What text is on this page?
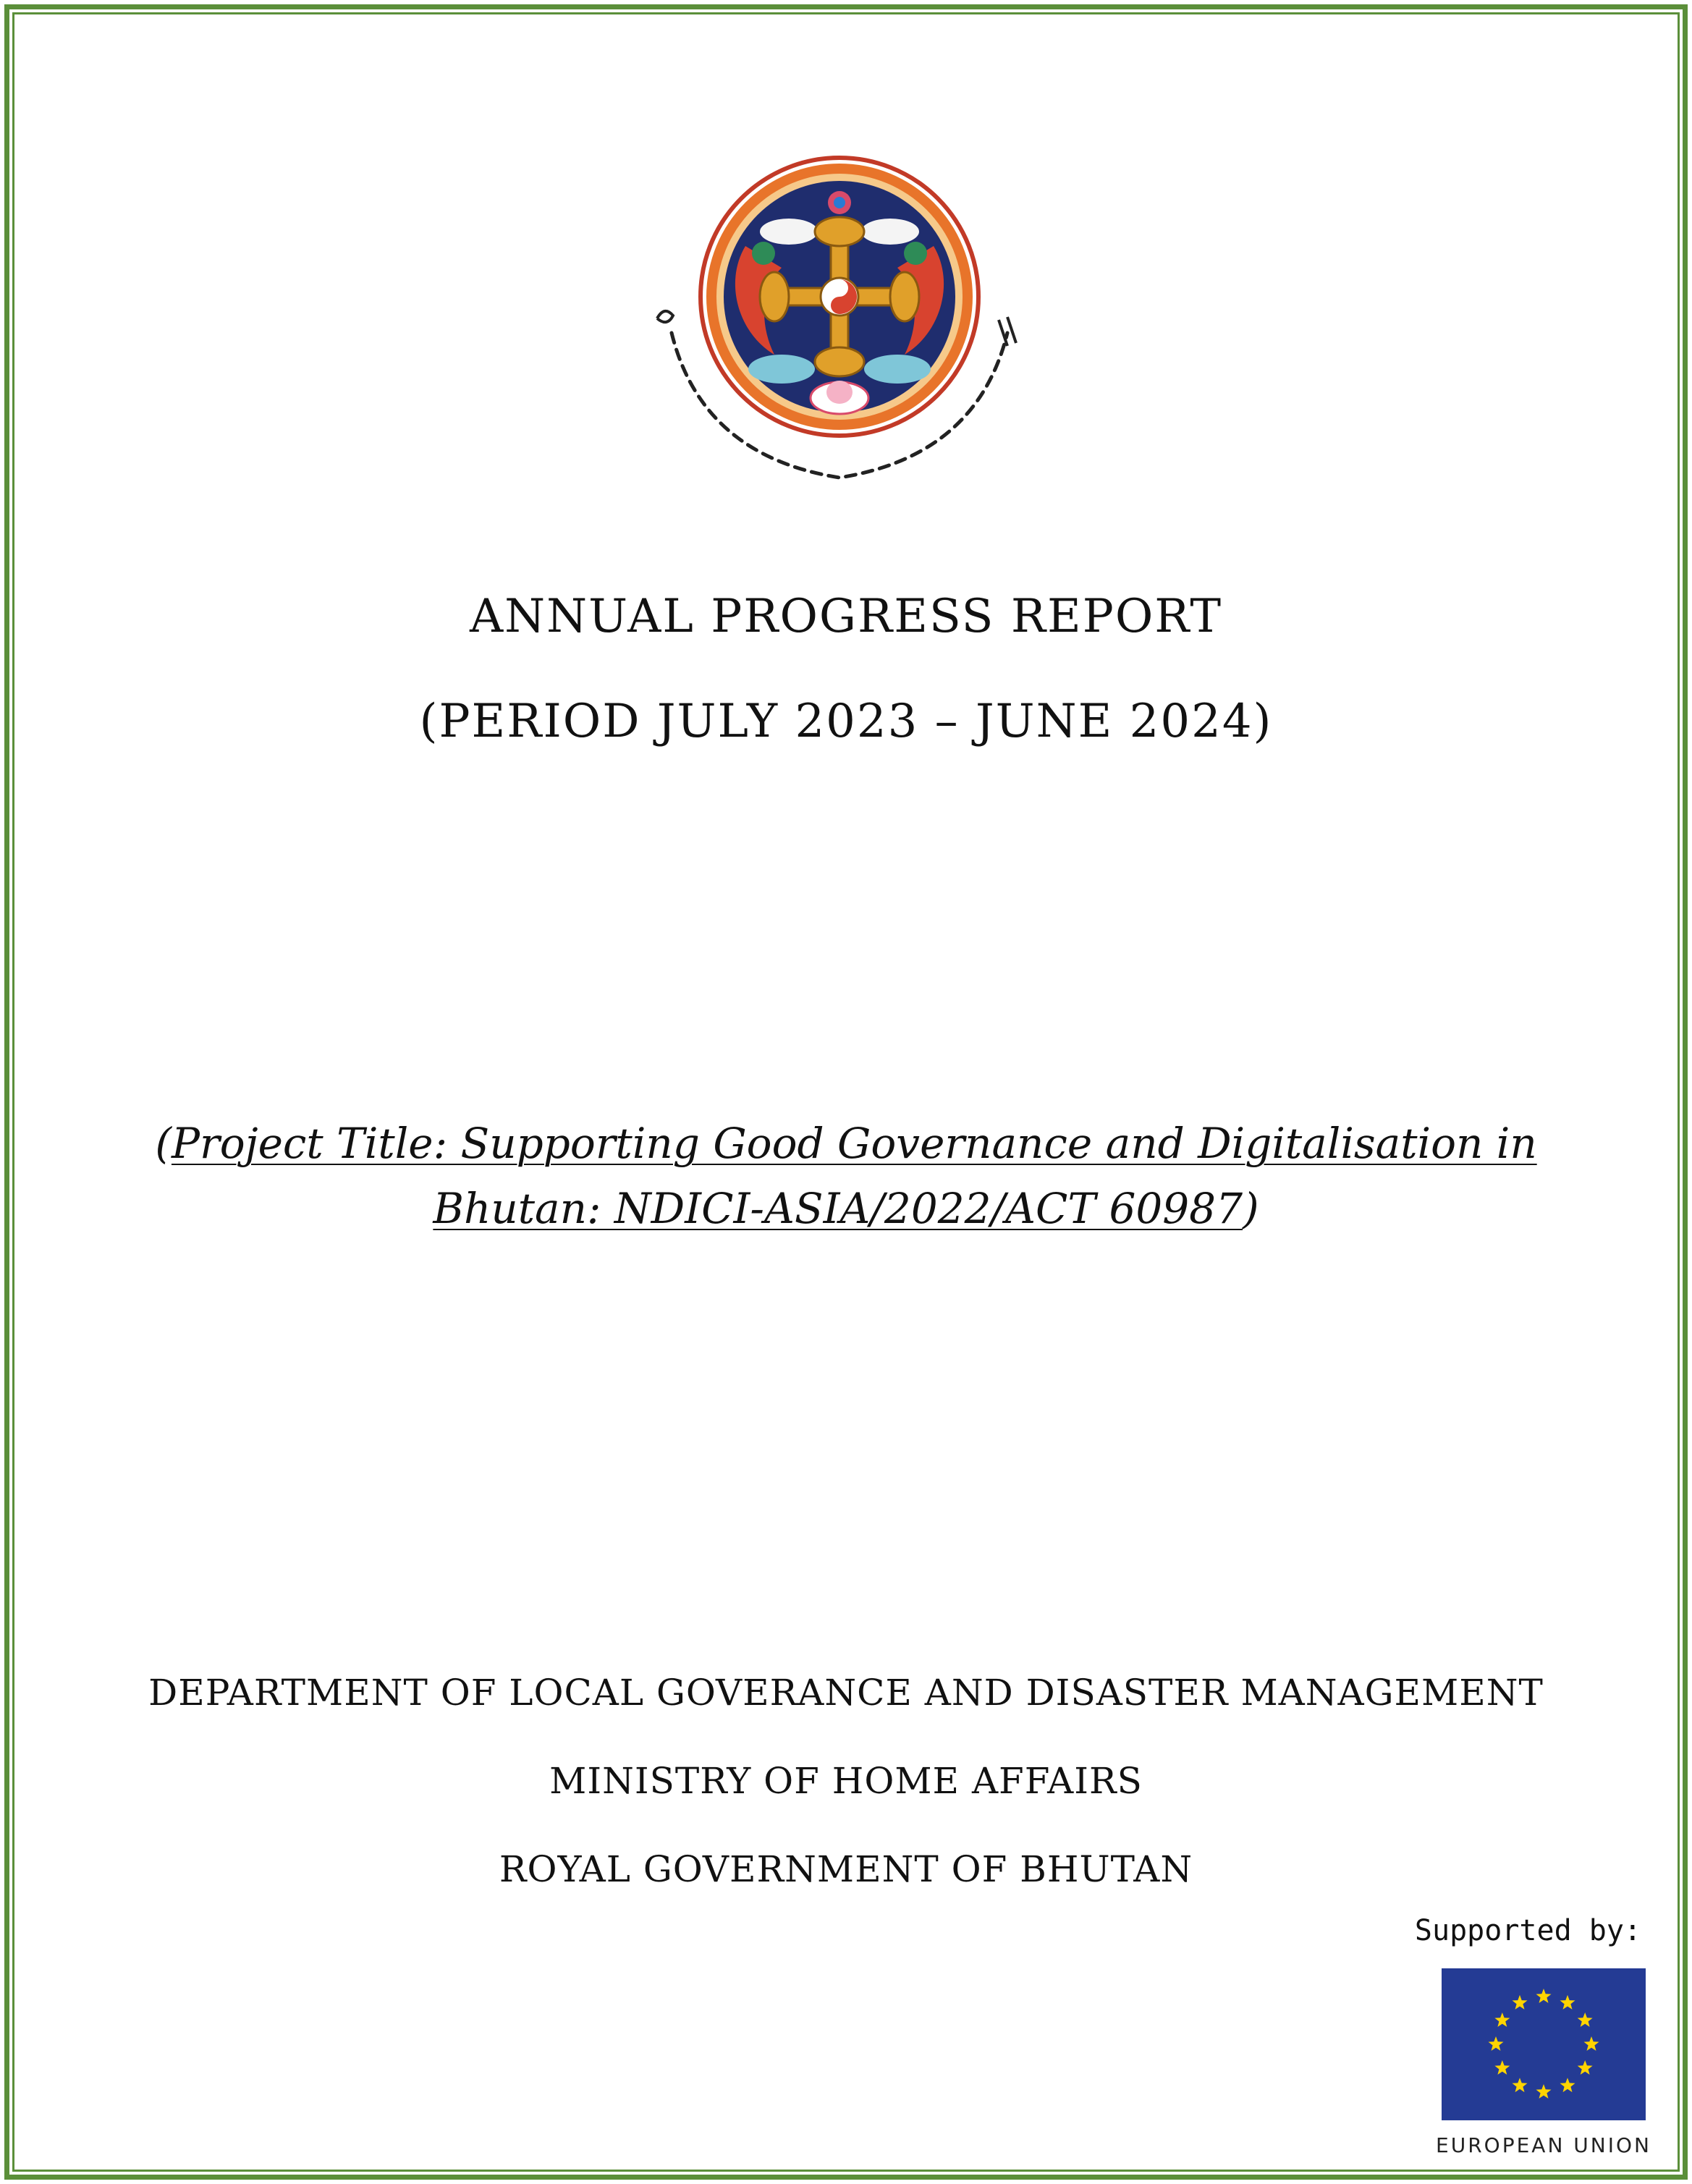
ANNUAL PROGRESS REPORT
(PERIOD JULY 2023 – JUNE 2024)
(Project Title: Supporting Good Governance and Digitalisation in
Bhutan: NDICI-ASIA/2022/ACT 60987)
DEPARTMENT OF LOCAL GOVERANCE AND DISASTER MANAGEMENT
MINISTRY OF HOME AFFAIRS
ROYAL GOVERNMENT OF BHUTAN
Supported by:
EUROPEAN UNION
